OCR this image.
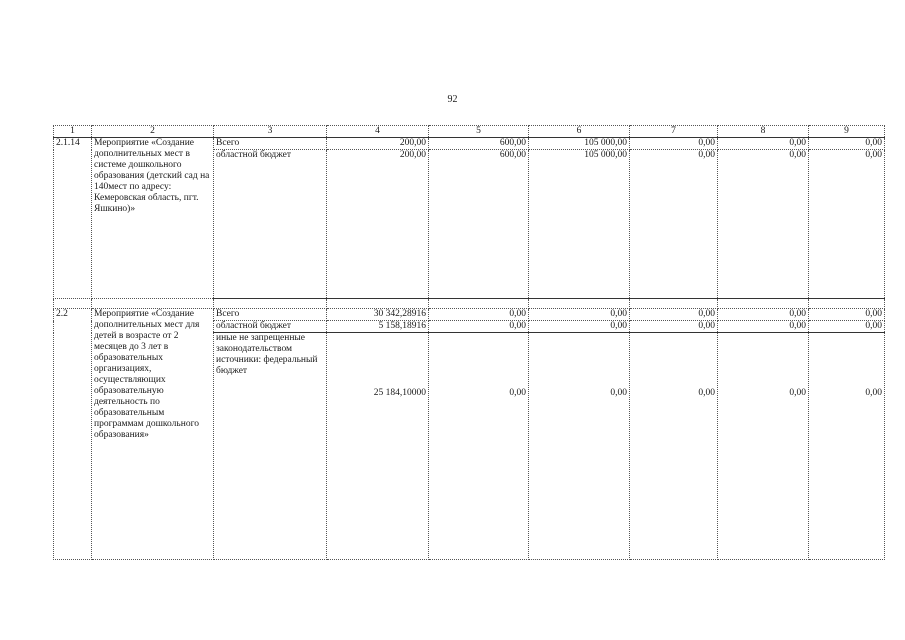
92
1	2	3	4	5	6	7	8	9
2.1.14	Мероприятие «Создание дополнительных мест в системе дошкольного образования (детский сад на 140мест по адресу: Кемеровская область, пгт. Яшкино)»	Всего	200,00	600,00	105 000,00	0,00	0,00	0,00
		областной бюджет	200,00	600,00	105 000,00	0,00	0,00	0,00

2.2	Мероприятие «Создание дополнительных мест для детей в возрасте от 2 месяцев до 3 лет в образовательных организациях, осуществляющих образовательную деятельность по образовательным программам дошкольного образования»	Всего	30 342,28916	0,00	0,00	0,00	0,00	0,00
		областной бюджет	5 158,18916	0,00	0,00	0,00	0,00	0,00
		иные не запрещенные законодательством источники: федеральный бюджет	25 184,10000	0,00	0,00	0,00	0,00	0,00
